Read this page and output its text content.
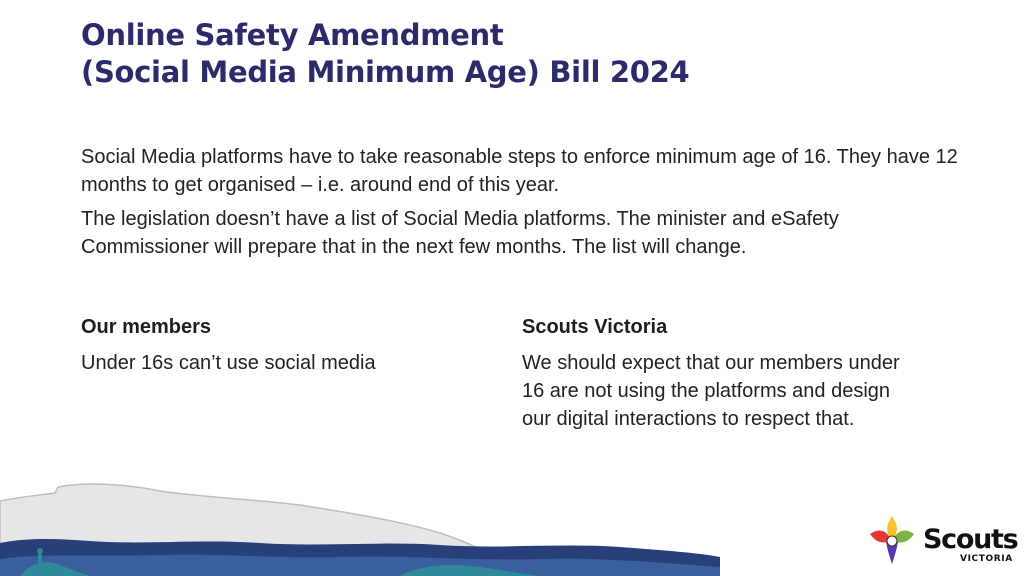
Online Safety Amendment
(Social Media Minimum Age) Bill 2024

Social Media platforms have to take reasonable steps to enforce minimum age of 16. They have 12 months to get organised – i.e. around end of this year.

The legislation doesn’t have a list of Social Media platforms. The minister and eSafety Commissioner will prepare that in the next few months. The list will change.

Our members

Under 16s can’t use social media

Scouts Victoria

We should expect that our members under 16 are not using the platforms and design our digital interactions to respect that.

Scouts
VICTORIA
